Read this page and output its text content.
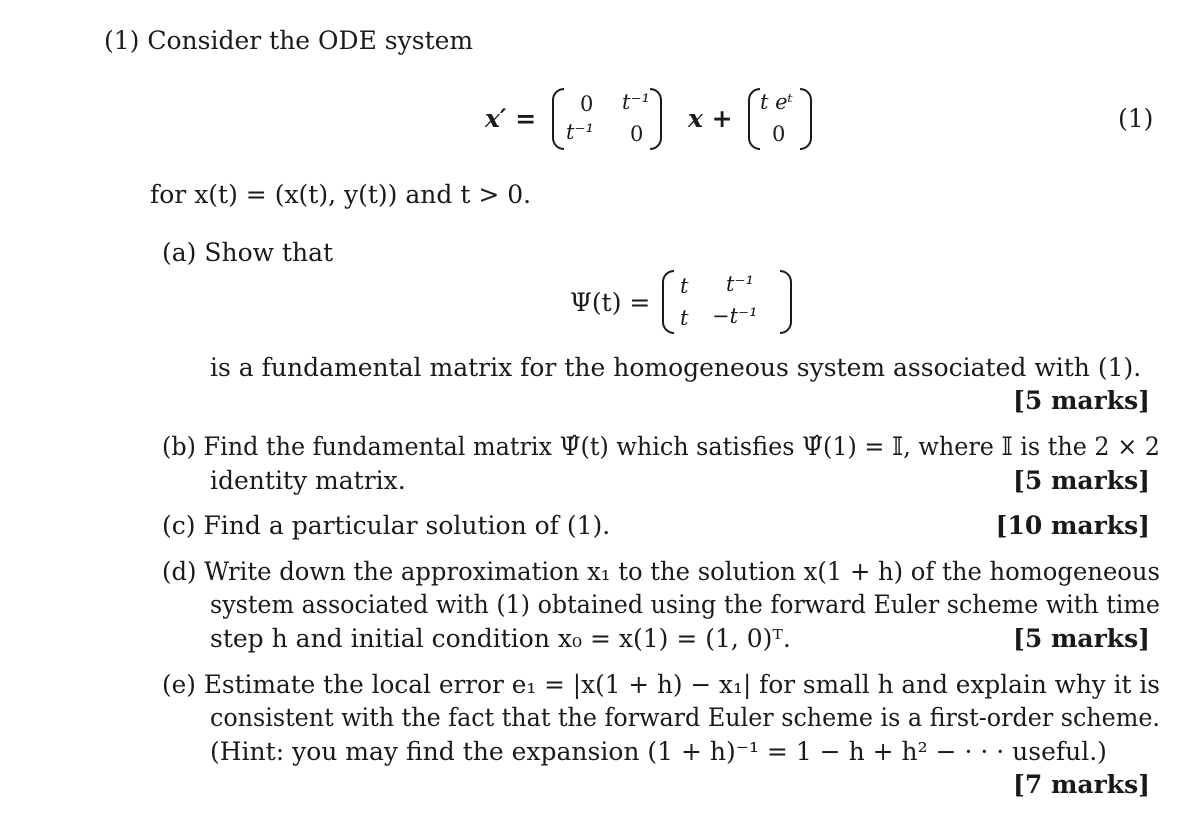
(1) Consider the ODE system
x′ = 0 t⁻¹
t⁻¹ 0
x +
t eᵗ
0
(1)
for x(t) = (x(t), y(t)) and t > 0.
(a) Show that
Ψ(t) =
t t⁻¹
t −t⁻¹
is a fundamental matrix for the homogeneous system associated with (1).
[5 marks]
(b) Find the fundamental matrix Ψ̂(t) which satisfies Ψ̂(1) = 𝕀, where 𝕀 is the 2 × 2
identity matrix.	[5 marks]
(c) Find a particular solution of (1).	[10 marks]
(d) Write down the approximation x₁ to the solution x(1 + h) of the homogeneous
system associated with (1) obtained using the forward Euler scheme with time
step h and initial condition x₀ = x(1) = (1, 0)ᵀ.	[5 marks]
(e) Estimate the local error e₁ = |x(1 + h) − x₁| for small h and explain why it is
consistent with the fact that the forward Euler scheme is a first-order scheme.
(Hint: you may find the expansion (1 + h)⁻¹ = 1 − h + h² − · · · useful.)
[7 marks]
